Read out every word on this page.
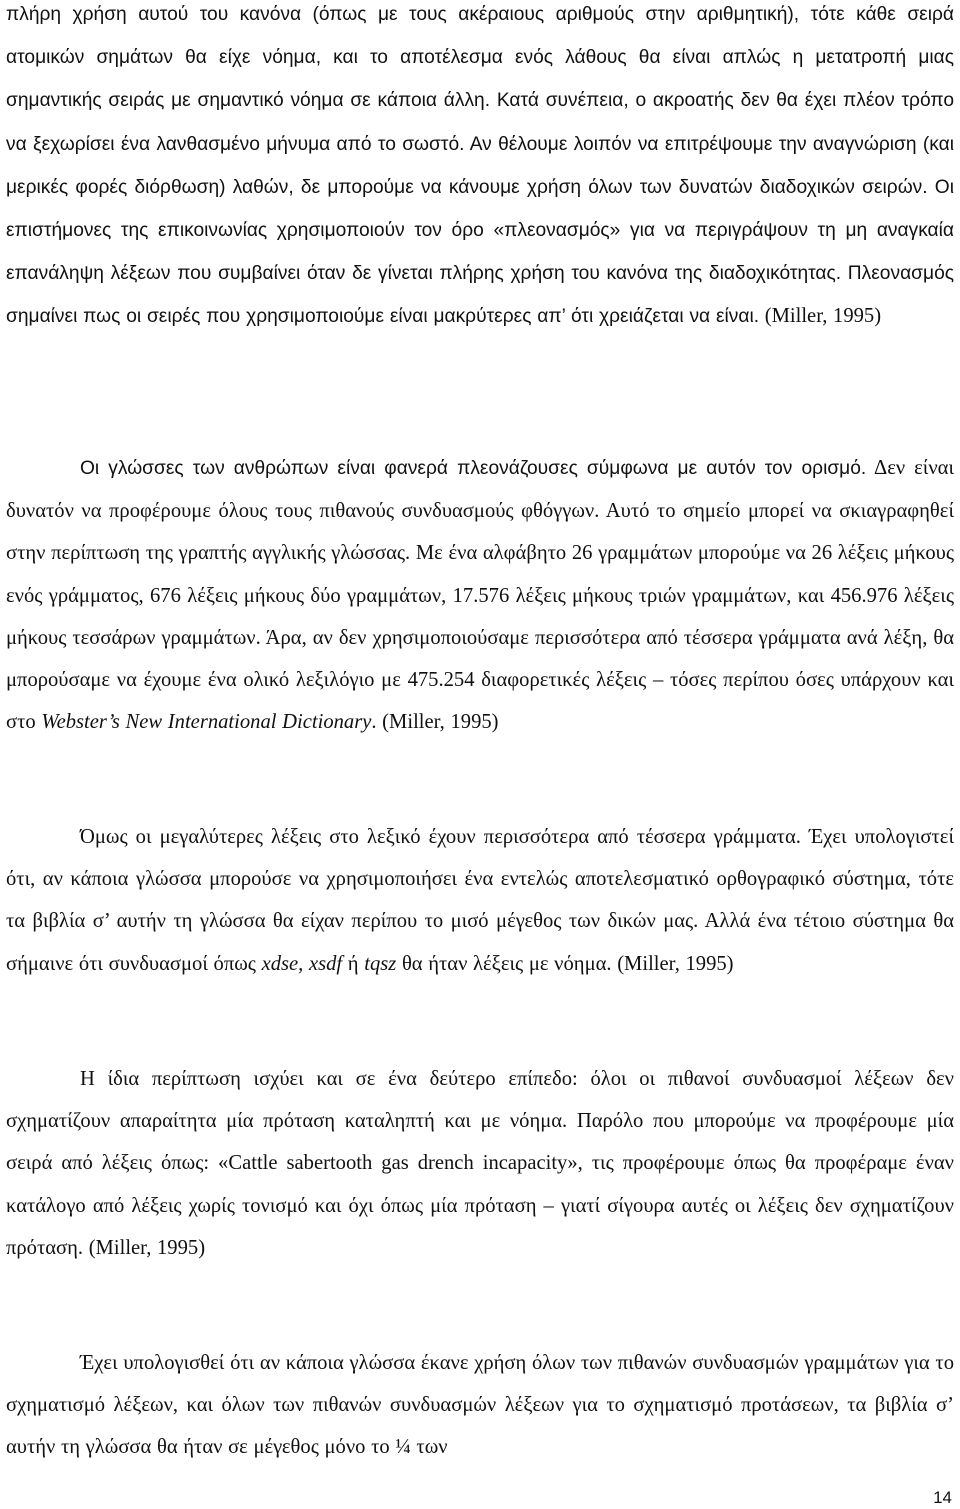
πλήρη χρήση αυτού του κανόνα (όπως με τους ακέραιους αριθμούς στην αριθμητική), τότε κάθε σειρά ατομικών σημάτων θα είχε νόημα, και το αποτέλεσμα ενός λάθους θα είναι απλώς η μετατροπή μιας σημαντικής σειράς με σημαντικό νόημα σε κάποια άλλη. Κατά συνέπεια, ο ακροατής δεν θα έχει πλέον τρόπο να ξεχωρίσει ένα λανθασμένο μήνυμα από το σωστό. Αν θέλουμε λοιπόν να επιτρέψουμε την αναγνώριση (και μερικές φορές διόρθωση) λαθών, δε μπορούμε να κάνουμε χρήση όλων των δυνατών διαδοχικών σειρών. Οι επιστήμονες της επικοινωνίας χρησιμοποιούν τον όρο «πλεονασμός» για να περιγράψουν τη μη αναγκαία επανάληψη λέξεων που συμβαίνει όταν δε γίνεται πλήρης χρήση του κανόνα της διαδοχικότητας. Πλεονασμός σημαίνει πως οι σειρές που χρησιμοποιούμε είναι μακρύτερες απ’ ότι χρειάζεται να είναι. (Miller, 1995)

Οι γλώσσες των ανθρώπων είναι φανερά πλεονάζουσες σύμφωνα με αυτόν τον ορισμό. Δεν είναι δυνατόν να προφέρουμε όλους τους πιθανούς συνδυασμούς φθόγγων. Αυτό το σημείο μπορεί να σκιαγραφηθεί στην περίπτωση της γραπτής αγγλικής γλώσσας. Με ένα αλφάβητο 26 γραμμάτων μπορούμε να 26 λέξεις μήκους ενός γράμματος, 676 λέξεις μήκους δύο γραμμάτων, 17.576 λέξεις μήκους τριών γραμμάτων, και 456.976 λέξεις μήκους τεσσάρων γραμμάτων. Άρα, αν δεν χρησιμοποιούσαμε περισσότερα από τέσσερα γράμματα ανά λέξη, θα μπορούσαμε να έχουμε ένα ολικό λεξιλόγιο με 475.254 διαφορετικές λέξεις – τόσες περίπου όσες υπάρχουν και στο Webster’s New International Dictionary. (Miller, 1995)

Όμως οι μεγαλύτερες λέξεις στο λεξικό έχουν περισσότερα από τέσσερα γράμματα. Έχει υπολογιστεί ότι, αν κάποια γλώσσα μπορούσε να χρησιμοποιήσει ένα εντελώς αποτελεσματικό ορθογραφικό σύστημα, τότε τα βιβλία σ’ αυτήν τη γλώσσα θα είχαν περίπου το μισό μέγεθος των δικών μας. Αλλά ένα τέτοιο σύστημα θα σήμαινε ότι συνδυασμοί όπως xdse, xsdf ή tqsz θα ήταν λέξεις με νόημα. (Miller, 1995)

Η ίδια περίπτωση ισχύει και σε ένα δεύτερο επίπεδο: όλοι οι πιθανοί συνδυασμοί λέξεων δεν σχηματίζουν απαραίτητα μία πρόταση καταληπτή και με νόημα. Παρόλο που μπορούμε να προφέρουμε μία σειρά από λέξεις όπως: «Cattle sabertooth gas drench incapacity», τις προφέρουμε όπως θα προφέραμε έναν κατάλογο από λέξεις χωρίς τονισμό και όχι όπως μία πρόταση – γιατί σίγουρα αυτές οι λέξεις δεν σχηματίζουν πρόταση. (Miller, 1995)

Έχει υπολογισθεί ότι αν κάποια γλώσσα έκανε χρήση όλων των πιθανών συνδυασμών γραμμάτων για το σχηματισμό λέξεων, και όλων των πιθανών συνδυασμών λέξεων για το σχηματισμό προτάσεων, τα βιβλία σ’ αυτήν τη γλώσσα θα ήταν σε μέγεθος μόνο το ¼ των

14
